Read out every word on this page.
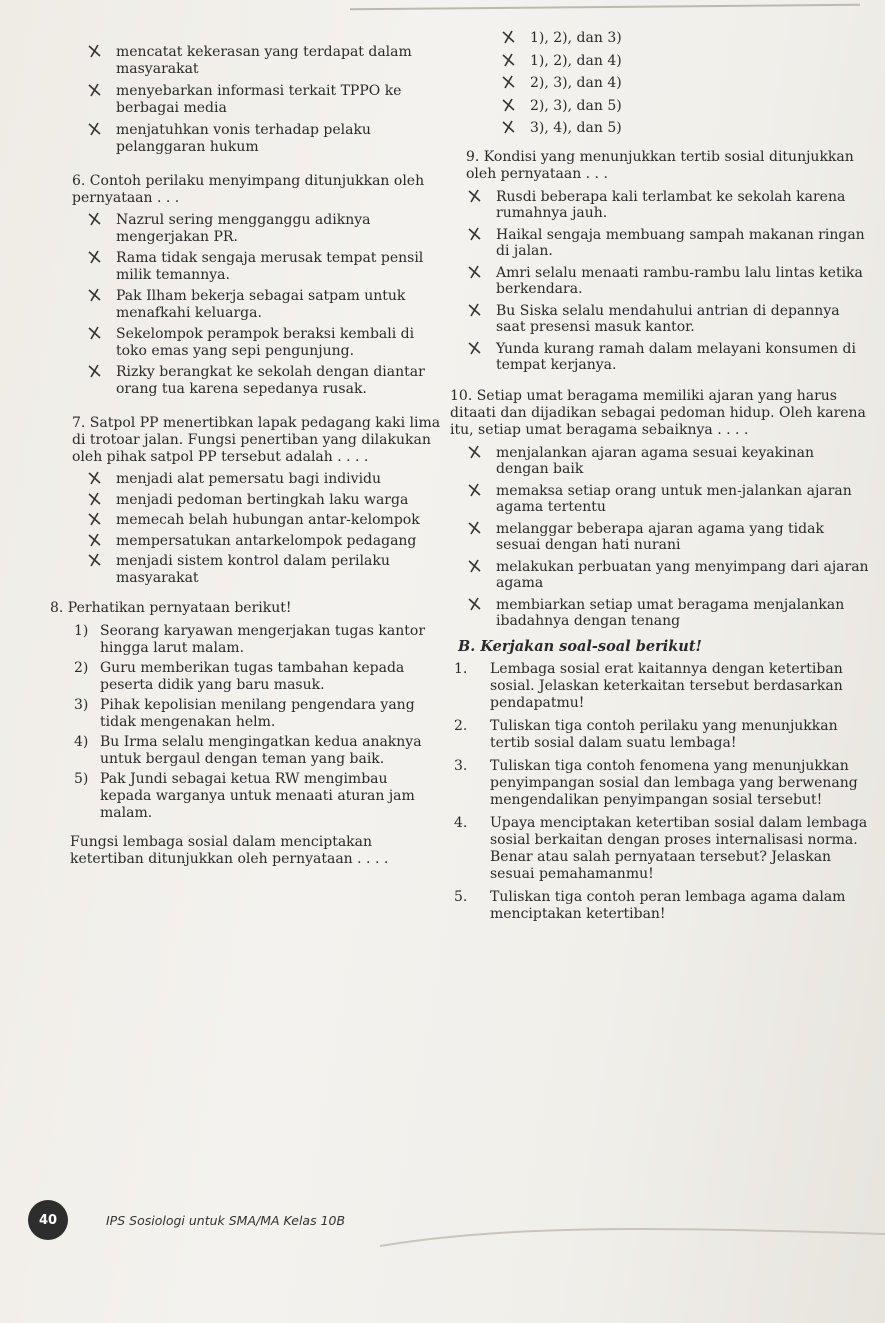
mencatat kekerasan yang terdapat dalam masyarakat
menyebarkan informasi terkait TPPO ke berbagai media
menjatuhkan vonis terhadap pelaku pelanggaran hukum

6. Contoh perilaku menyimpang ditunjukkan oleh pernyataan . . .

Nazrul sering mengganggu adiknya mengerjakan PR.
Rama tidak sengaja merusak tempat pensil milik temannya.
Pak Ilham bekerja sebagai satpam untuk menafkahi keluarga.
Sekelompok perampok beraksi kembali di toko emas yang sepi pengunjung.
Rizky berangkat ke sekolah dengan diantar orang tua karena sepedanya rusak.

7. Satpol PP menertibkan lapak pedagang kaki lima di trotoar jalan. Fungsi penertiban yang dilakukan oleh pihak satpol PP tersebut adalah . . . .

menjadi alat pemersatu bagi individu
menjadi pedoman bertingkah laku warga
memecah belah hubungan antar-kelompok
mempersatukan antarkelompok pedagang
menjadi sistem kontrol dalam perilaku masyarakat

8. Perhatikan pernyataan berikut!

1) Seorang karyawan mengerjakan tugas kantor hingga larut malam.
2) Guru memberikan tugas tambahan kepada peserta didik yang baru masuk.
3) Pihak kepolisian menilang pengendara yang tidak mengenakan helm.
4) Bu Irma selalu mengingatkan kedua anaknya untuk bergaul dengan teman yang baik.
5) Pak Jundi sebagai ketua RW mengimbau kepada warganya untuk menaati aturan jam malam.

Fungsi lembaga sosial dalam menciptakan ketertiban ditunjukkan oleh pernyataan . . . .

1), 2), dan 3)
1), 2), dan 4)
2), 3), dan 4)
2), 3), dan 5)
3), 4), dan 5)

9. Kondisi yang menunjukkan tertib sosial ditunjukkan oleh pernyataan . . .

Rusdi beberapa kali terlambat ke sekolah karena rumahnya jauh.
Haikal sengaja membuang sampah makanan ringan di jalan.
Amri selalu menaati rambu-rambu lalu lintas ketika berkendara.
Bu Siska selalu mendahului antrian di depannya saat presensi masuk kantor.
Yunda kurang ramah dalam melayani konsumen di tempat kerjanya.

10. Setiap umat beragama memiliki ajaran yang harus ditaati dan dijadikan sebagai pedoman hidup. Oleh karena itu, setiap umat beragama sebaiknya . . . .

menjalankan ajaran agama sesuai keyakinan dengan baik
memaksa setiap orang untuk men-jalankan ajaran agama tertentu
melanggar beberapa ajaran agama yang tidak sesuai dengan hati nurani
melakukan perbuatan yang menyimpang dari ajaran agama
membiarkan setiap umat beragama menjalankan ibadahnya dengan tenang
B. Kerjakan soal-soal berikut!
1. Lembaga sosial erat kaitannya dengan ketertiban sosial. Jelaskan keterkaitan tersebut berdasarkan pendapatmu!
2. Tuliskan tiga contoh perilaku yang menunjukkan tertib sosial dalam suatu lembaga!
3. Tuliskan tiga contoh fenomena yang menunjukkan penyimpangan sosial dan lembaga yang berwenang mengendalikan penyimpangan sosial tersebut!
4. Upaya menciptakan ketertiban sosial dalam lembaga sosial berkaitan dengan proses internalisasi norma. Benar atau salah pernyataan tersebut? Jelaskan sesuai pemahamanmu!
5. Tuliskan tiga contoh peran lembaga agama dalam menciptakan ketertiban!
40	IPS Sosiologi untuk SMA/MA Kelas 10B
